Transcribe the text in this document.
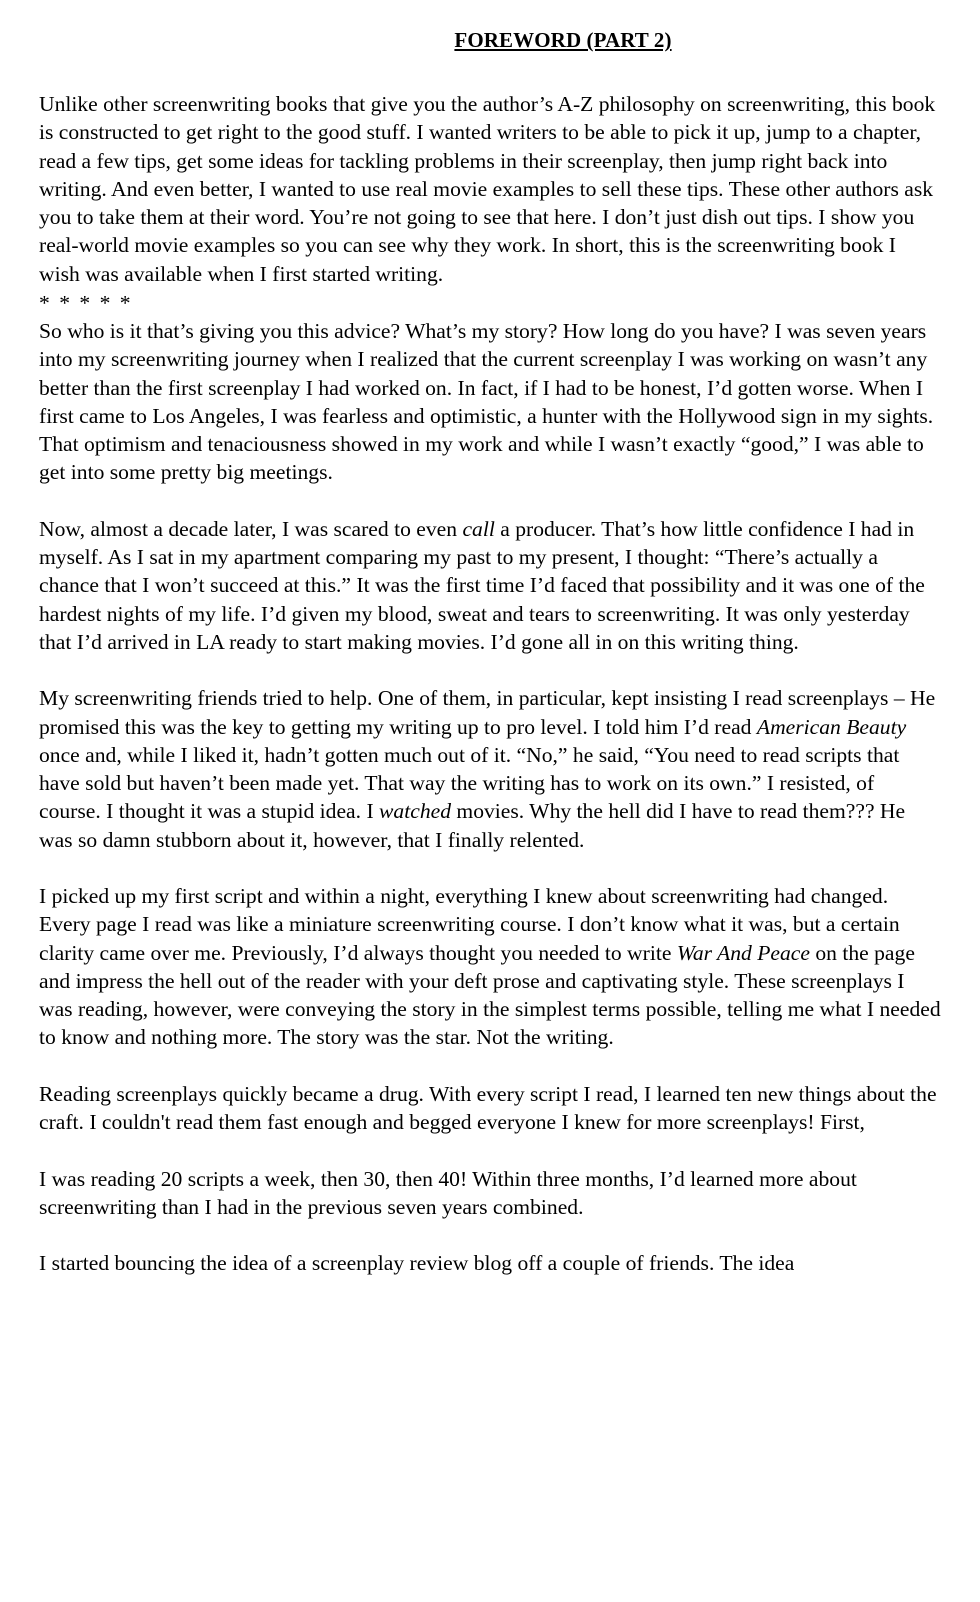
FOREWORD (PART 2)

Unlike other screenwriting books that give you the author’s A-Z philosophy on screenwriting, this book is constructed to get right to the good stuff. I wanted writers to be able to pick it up, jump to a chapter, read a few tips, get some ideas for tackling problems in their screenplay, then jump right back into writing. And even better, I wanted to use real movie examples to sell these tips. These other authors ask you to take them at their word. You’re not going to see that here. I don’t just dish out tips. I show you real-world movie examples so you can see why they work. In short, this is the screenwriting book I wish was available when I first started writing.

* * * * *

So who is it that’s giving you this advice? What’s my story? How long do you have? I was seven years into my screenwriting journey when I realized that the current screenplay I was working on wasn’t any better than the first screenplay I had worked on. In fact, if I had to be honest, I’d gotten worse. When I first came to Los Angeles, I was fearless and optimistic, a hunter with the Hollywood sign in my sights. That optimism and tenaciousness showed in my work and while I wasn’t exactly “good,” I was able to get into some pretty big meetings.

Now, almost a decade later, I was scared to even call a producer. That’s how little confidence I had in myself. As I sat in my apartment comparing my past to my present, I thought: “There’s actually a chance that I won’t succeed at this.” It was the first time I’d faced that possibility and it was one of the hardest nights of my life. I’d given my blood, sweat and tears to screenwriting. It was only yesterday that I’d arrived in LA ready to start making movies. I’d gone all in on this writing thing.

My screenwriting friends tried to help. One of them, in particular, kept insisting I read screenplays – He promised this was the key to getting my writing up to pro level. I told him I’d read American Beauty once and, while I liked it, hadn’t gotten much out of it. “No,” he said, “You need to read scripts that have sold but haven’t been made yet. That way the writing has to work on its own.” I resisted, of course. I thought it was a stupid idea. I watched movies. Why the hell did I have to read them??? He was so damn stubborn about it, however, that I finally relented.

I picked up my first script and within a night, everything I knew about screenwriting had changed. Every page I read was like a miniature screenwriting course. I don’t know what it was, but a certain clarity came over me. Previously, I’d always thought you needed to write War And Peace on the page and impress the hell out of the reader with your deft prose and captivating style. These screenplays I was reading, however, were conveying the story in the simplest terms possible, telling me what I needed to know and nothing more. The story was the star. Not the writing.

Reading screenplays quickly became a drug. With every script I read, I learned ten new things about the craft. I couldn't read them fast enough and begged everyone I knew for more screenplays! First,

I was reading 20 scripts a week, then 30, then 40! Within three months, I’d learned more about screenwriting than I had in the previous seven years combined.

I started bouncing the idea of a screenplay review blog off a couple of friends. The idea
